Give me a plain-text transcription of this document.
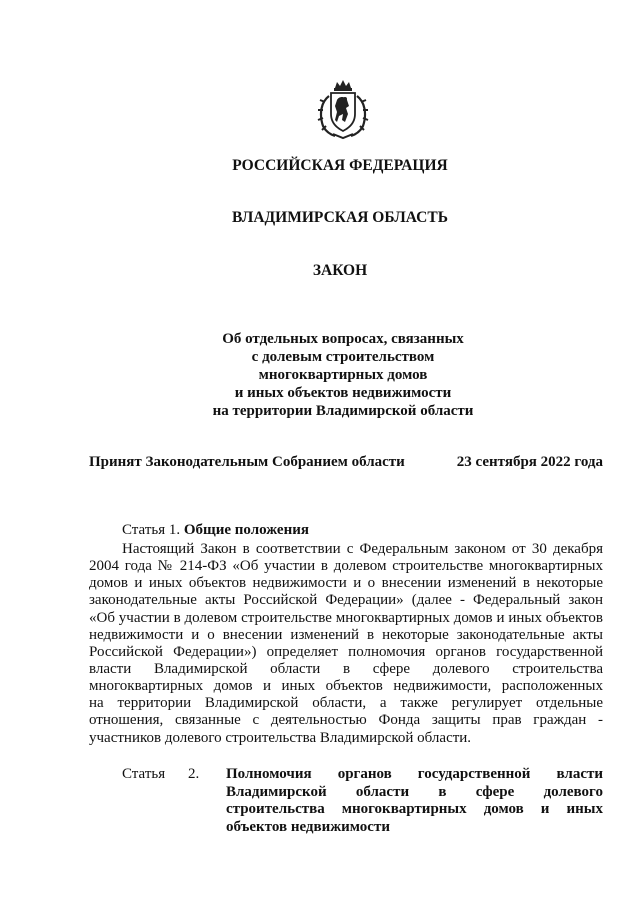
РОССИЙСКАЯ ФЕДЕРАЦИЯ
ВЛАДИМИРСКАЯ ОБЛАСТЬ
ЗАКОН
Об отдельных вопросах, связанных
с долевым строительством
многоквартирных домов
и иных объектов недвижимости
на территории Владимирской области
Принят Законодательным Собранием области	23 сентября 2022 года
Статья 1. Общие положения
Настоящий Закон в соответствии с Федеральным законом от 30 декабря
2004 года № 214-ФЗ «Об участии в долевом строительстве многоквартирных
домов и иных объектов недвижимости и о внесении изменений в некоторые
законодательные акты Российской Федерации» (далее - Федеральный закон
«Об участии в долевом строительстве многоквартирных домов и иных объектов
недвижимости и о внесении изменений в некоторые законодательные акты
Российской Федерации») определяет полномочия органов государственной
власти Владимирской области в сфере долевого строительства
многоквартирных домов и иных объектов недвижимости, расположенных
на территории Владимирской области, а также регулирует отдельные
отношения, связанные с деятельностью Фонда защиты прав граждан -
участников долевого строительства Владимирской области.
Статья 2. Полномочия органов государственной власти
Владимирской области в сфере долевого
строительства многоквартирных домов и иных
объектов недвижимости
